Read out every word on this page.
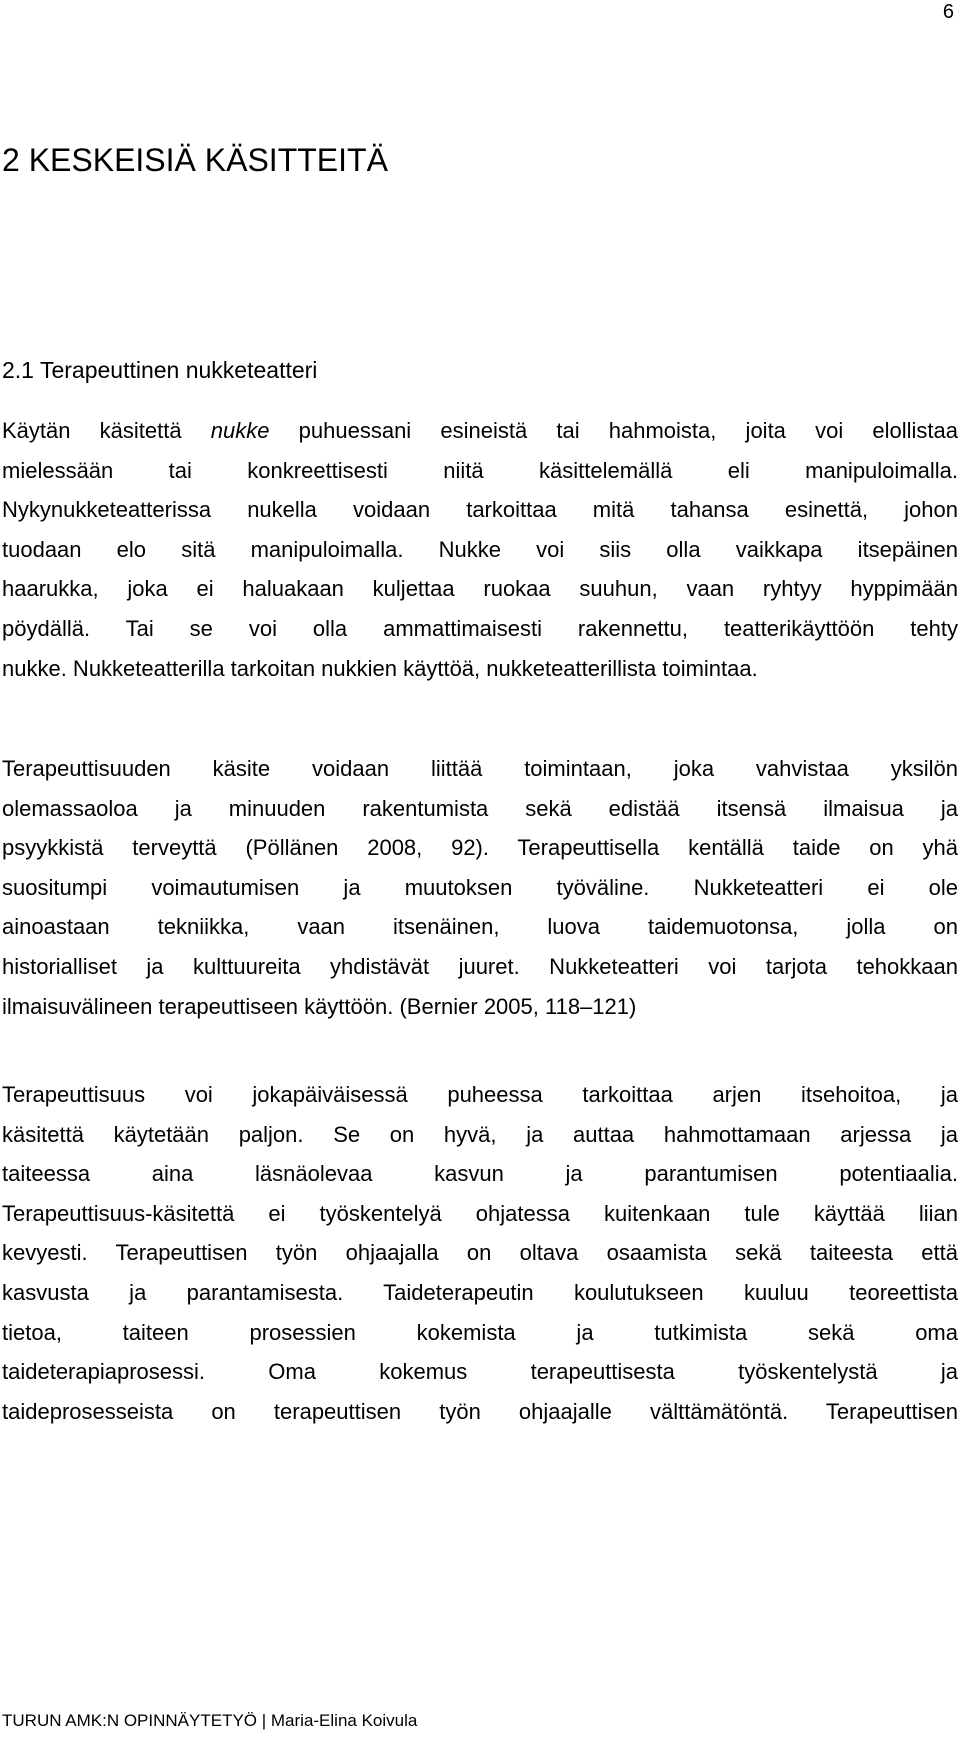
6
2 KESKEISIÄ KÄSITTEITÄ
2.1 Terapeuttinen nukketeatteri

Käytän käsitettä nukke puhuessani esineistä tai hahmoista, joita voi elollistaa
mielessään tai konkreettisesti niitä käsittelemällä eli manipuloimalla.
Nykynukketeatterissa nukella voidaan tarkoittaa mitä tahansa esinettä, johon
tuodaan elo sitä manipuloimalla. Nukke voi siis olla vaikkapa itsepäinen
haarukka, joka ei haluakaan kuljettaa ruokaa suuhun, vaan ryhtyy hyppimään
pöydällä. Tai se voi olla ammattimaisesti rakennettu, teatterikäyttöön tehty
nukke. Nukketeatterilla tarkoitan nukkien käyttöä, nukketeatterillista toimintaa.

Terapeuttisuuden käsite voidaan liittää toimintaan, joka vahvistaa yksilön
olemassaoloa ja minuuden rakentumista sekä edistää itsensä ilmaisua ja
psyykkistä terveyttä (Pöllänen 2008, 92). Terapeuttisella kentällä taide on yhä
suositumpi voimautumisen ja muutoksen työväline. Nukketeatteri ei ole
ainoastaan tekniikka, vaan itsenäinen, luova taidemuotonsa, jolla on
historialliset ja kulttuureita yhdistävät juuret. Nukketeatteri voi tarjota tehokkaan
ilmaisuvälineen terapeuttiseen käyttöön. (Bernier 2005, 118–121)

Terapeuttisuus voi jokapäiväisessä puheessa tarkoittaa arjen itsehoitoa, ja
käsitettä käytetään paljon. Se on hyvä, ja auttaa hahmottamaan arjessa ja
taiteessa aina läsnäolevaa kasvun ja parantumisen potentiaalia.
Terapeuttisuus-käsitettä ei työskentelyä ohjatessa kuitenkaan tule käyttää liian
kevyesti. Terapeuttisen työn ohjaajalla on oltava osaamista sekä taiteesta että
kasvusta ja parantamisesta. Taideterapeutin koulutukseen kuuluu teoreettista
tietoa, taiteen prosessien kokemista ja tutkimista sekä oma
taideterapiaprosessi. Oma kokemus terapeuttisesta työskentelystä ja
taideprosesseista on terapeuttisen työn ohjaajalle välttämätöntä. Terapeuttisen

TURUN AMK:N OPINNÄYTETYÖ | Maria-Elina Koivula
